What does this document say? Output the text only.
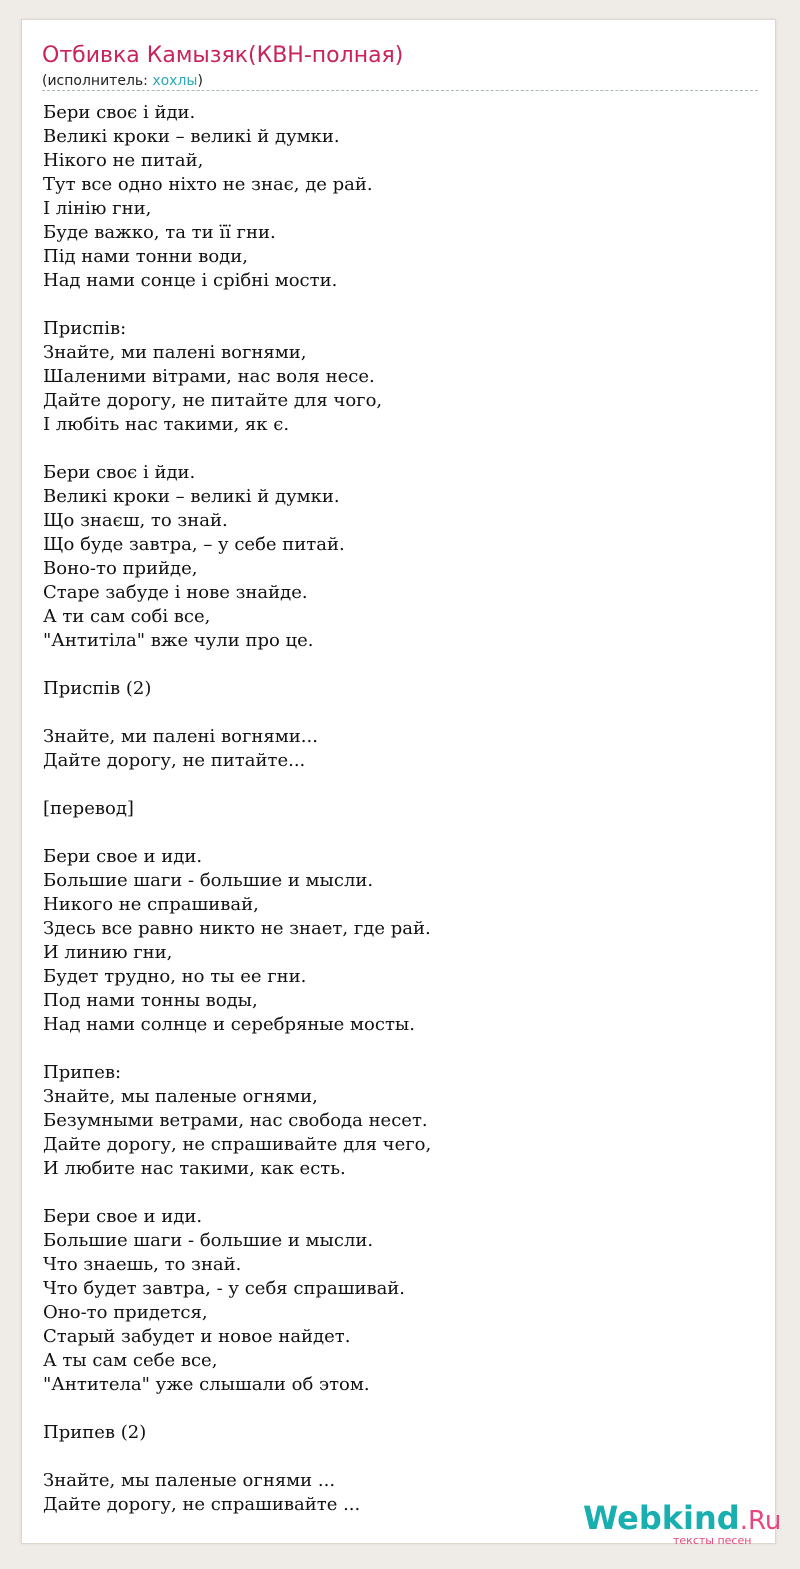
Отбивка Камызяк(КВН-полная)
(исполнитель: хохлы)
Бери своє і йди.
Великі кроки – великі й думки.
Нікого не питай,
Тут все одно ніхто не знає, де рай.
І лінію гни,
Буде важко, та ти її гни.
Під нами тонни води,
Над нами сонце і срібні мости.

Приспів:
Знайте, ми палені вогнями,
Шаленими вітрами, нас воля несе.
Дайте дорогу, не питайте для чого,
І любіть нас такими, як є.

Бери своє і йди.
Великі кроки – великі й думки.
Що знаєш, то знай.
Що буде завтра, – у себе питай.
Воно-то прийде,
Старе забуде і нове знайде.
А ти сам собі все,
"Антитіла" вже чули про це.

Приспів (2)

Знайте, ми палені вогнями...
Дайте дорогу, не питайте...

[перевод]

Бери свое и иди.
Большие шаги - большие и мысли.
Никого не спрашивай,
Здесь все равно никто не знает, где рай.
И линию гни,
Будет трудно, но ты ее гни.
Под нами тонны воды,
Над нами солнце и серебряные мосты.

Припев:
Знайте, мы паленые огнями,
Безумными ветрами, нас свобода несет.
Дайте дорогу, не спрашивайте для чего,
И любите нас такими, как есть.

Бери свое и иди.
Большие шаги - большие и мысли.
Что знаешь, то знай.
Что будет завтра, - у себя спрашивай.
Оно-то придется,
Старый забудет и новое найдет.
А ты сам себе все,
"Антитела" уже слышали об этом.

Припев (2)

Знайте, мы паленые огнями ...
Дайте дорогу, не спрашивайте ...	Webkind.Ru
тексты песен
